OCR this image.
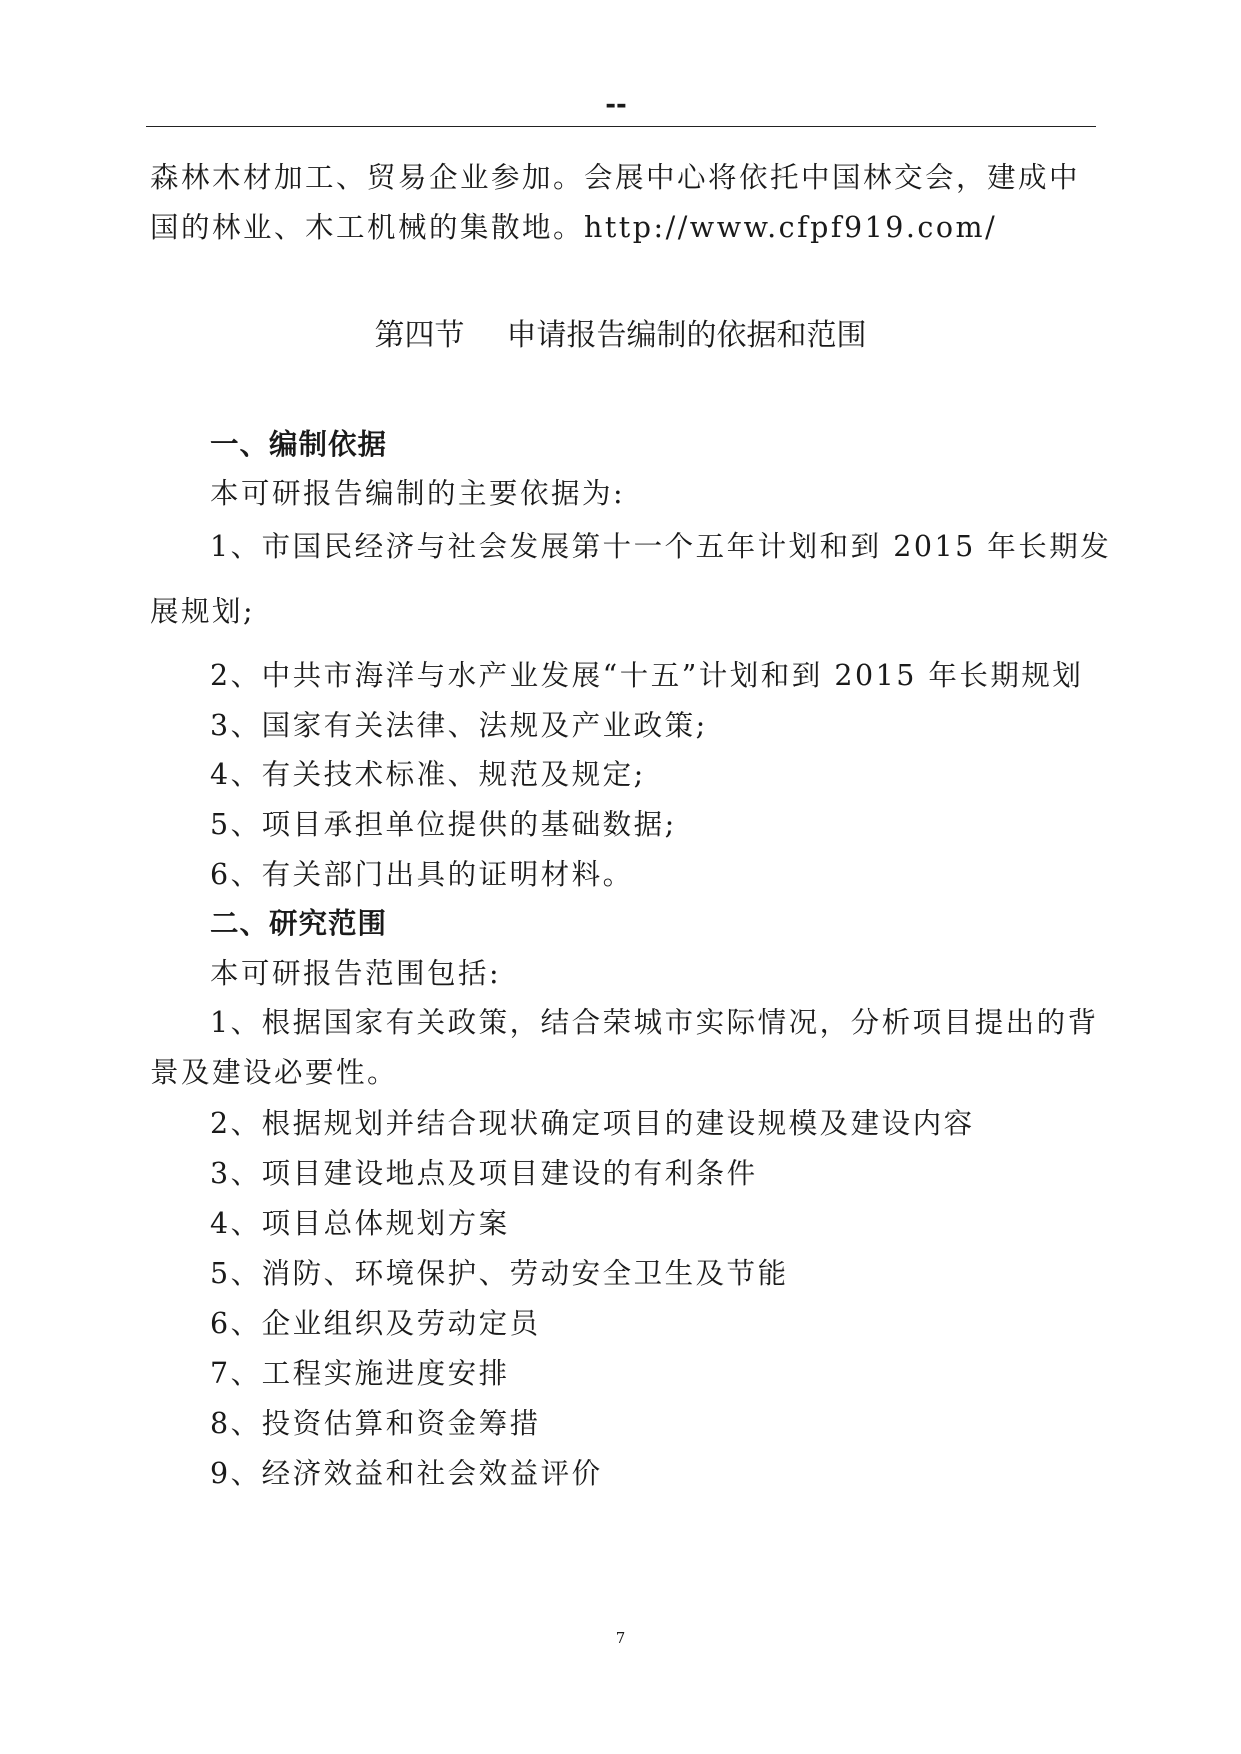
--
森林木材加工、贸易企业参加。会展中心将依托中国林交会，建成中
国的林业、木工机械的集散地。http://www.cfpf919.com/
第四节 申请报告编制的依据和范围
一、编制依据
本可研报告编制的主要依据为:
1、市国民经济与社会发展第十一个五年计划和到 2015 年长期发
展规划;
2、中共市海洋与水产业发展“十五”计划和到 2015 年长期规划
3、国家有关法律、法规及产业政策;
4、有关技术标准、规范及规定;
5、项目承担单位提供的基础数据;
6、有关部门出具的证明材料。
二、研究范围
本可研报告范围包括:
1、根据国家有关政策，结合荣城市实际情况，分析项目提出的背
景及建设必要性。
2、根据规划并结合现状确定项目的建设规模及建设内容
3、项目建设地点及项目建设的有利条件
4、项目总体规划方案
5、消防、环境保护、劳动安全卫生及节能
6、企业组织及劳动定员
7、工程实施进度安排
8、投资估算和资金筹措
9、经济效益和社会效益评价
7
